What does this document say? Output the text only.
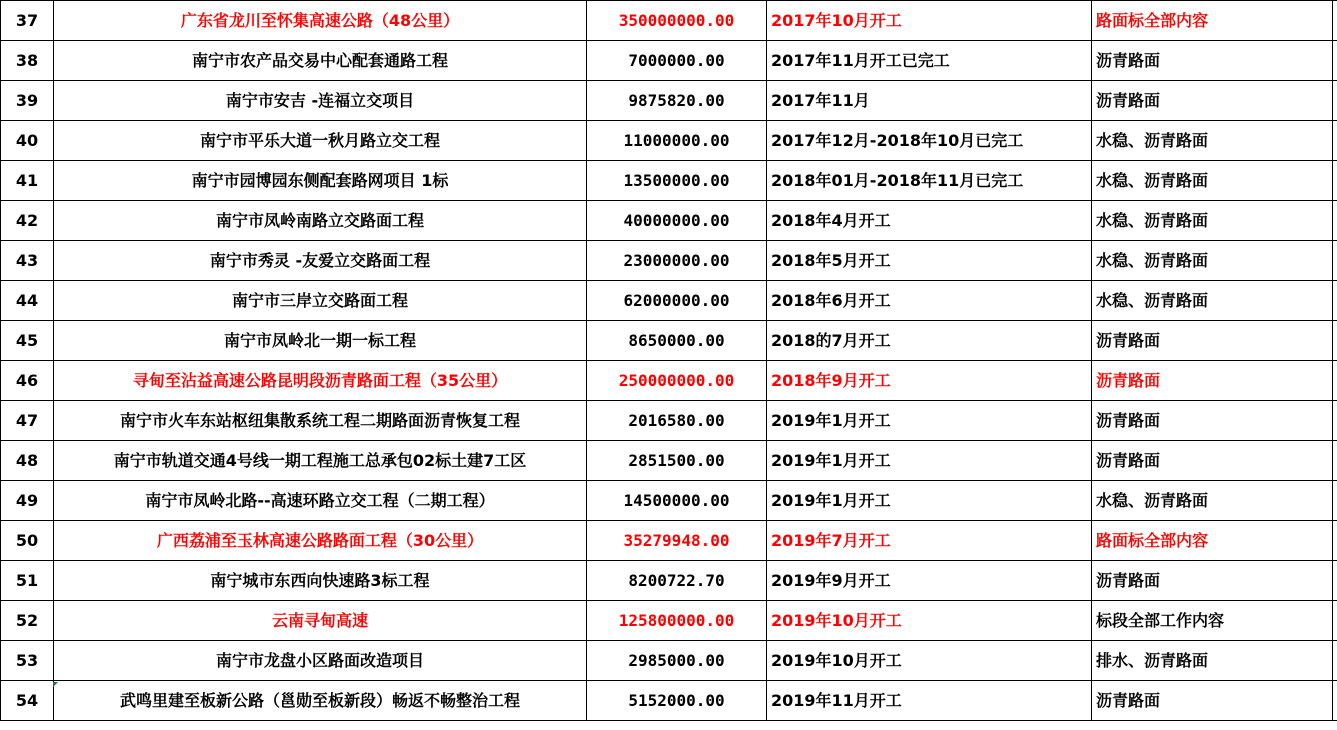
37	广东省龙川至怀集高速公路（48公里）	350000000.00	2017年10月开工	路面标全部内容	
38	南宁市农产品交易中心配套通路工程	7000000.00	2017年11月开工已完工	沥青路面	
39	南宁市安吉 -连福立交项目	9875820.00	2017年11月	沥青路面	
40	南宁市平乐大道一秋月路立交工程	11000000.00	2017年12月-2018年10月已完工	水稳、沥青路面	
41	南宁市园博园东侧配套路网项目 1标	13500000.00	2018年01月-2018年11月已完工	水稳、沥青路面	
42	南宁市凤岭南路立交路面工程	40000000.00	2018年4月开工	水稳、沥青路面	
43	南宁市秀灵 -友爱立交路面工程	23000000.00	2018年5月开工	水稳、沥青路面	
44	南宁市三岸立交路面工程	62000000.00	2018年6月开工	水稳、沥青路面	
45	南宁市凤岭北一期一标工程	8650000.00	2018的7月开工	沥青路面	
46	寻甸至沾益高速公路昆明段沥青路面工程（35公里）	250000000.00	2018年9月开工	沥青路面	
47	南宁市火车东站枢纽集散系统工程二期路面沥青恢复工程	2016580.00	2019年1月开工	沥青路面	
48	南宁市轨道交通4号线一期工程施工总承包02标土建7工区	2851500.00	2019年1月开工	沥青路面	
49	南宁市凤岭北路--高速环路立交工程（二期工程）	14500000.00	2019年1月开工	水稳、沥青路面	
50	广西荔浦至玉林高速公路路面工程（30公里）	35279948.00	2019年7月开工	路面标全部内容	
51	南宁城市东西向快速路3标工程	8200722.70	2019年9月开工	沥青路面	
52	云南寻甸高速	125800000.00	2019年10月开工	标段全部工作内容	
53	南宁市龙盘小区路面改造项目	2985000.00	2019年10月开工	排水、沥青路面	
54	武鸣里建至板新公路（邕勋至板新段）畅返不畅整治工程	5152000.00	2019年11月开工	沥青路面	
